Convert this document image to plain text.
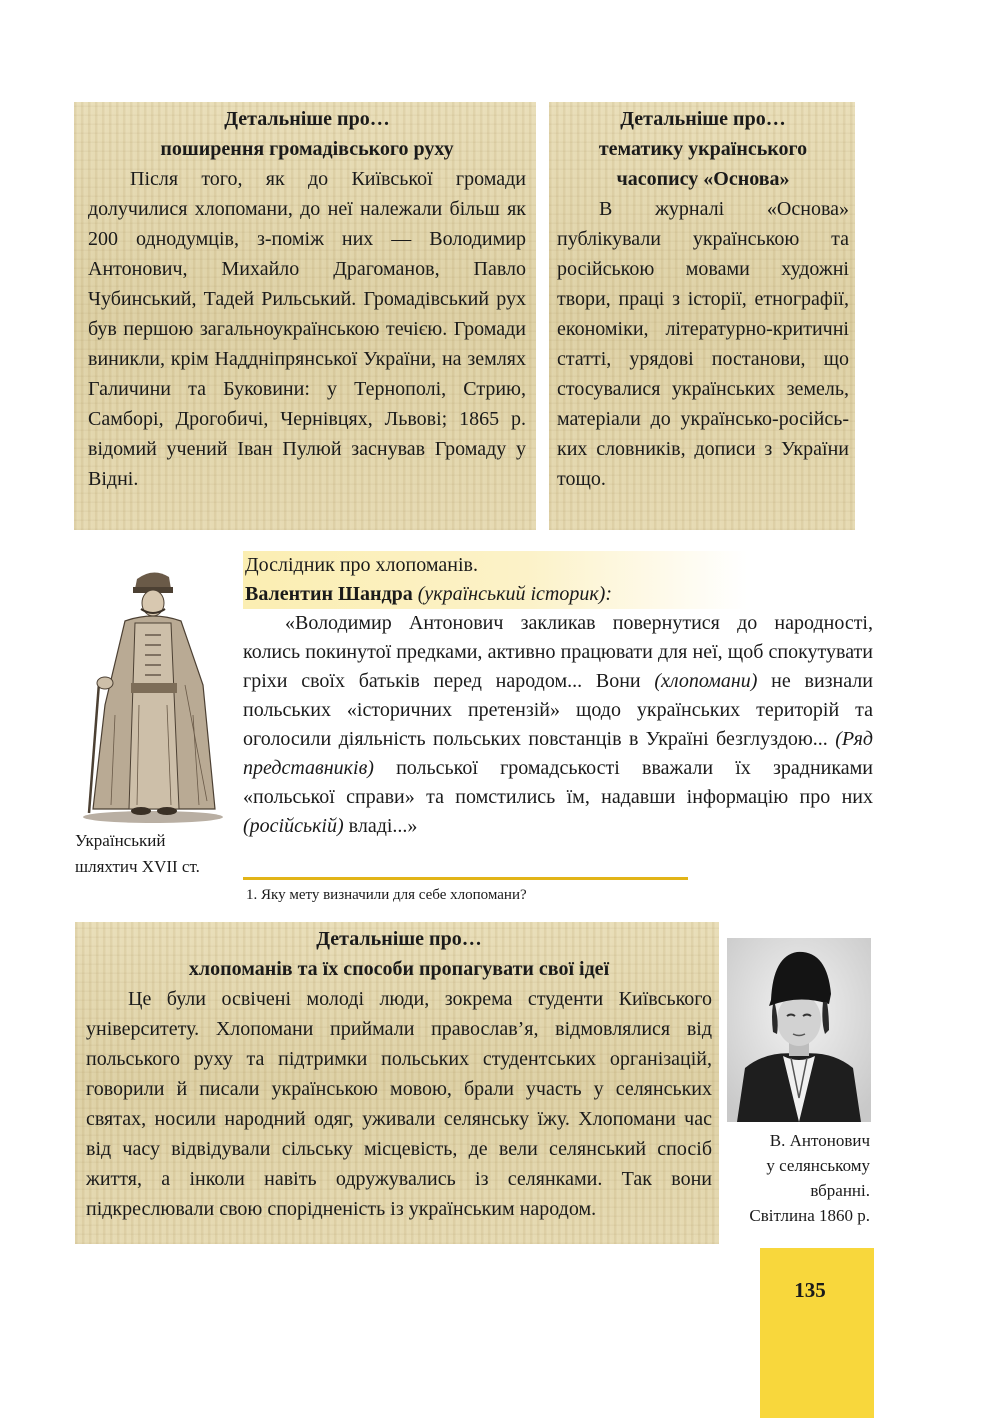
Детальніше про…

поширення громадівського руху

Після того, як до Київської громади долучилися хлопомани, до неї належали більш як 200 однодумців, з-поміж них — Володимир Антонович, Михайло Драгоманов, Павло Чубинський, Тадей Рильський. Громадівський рух був першою загальноукраїнською течією. Громади виникли, крім Наддніпрянської України, на землях Галичини та Буковини: у Тернополі, Стрию, Самборі, Дрогобичі, Чернівцях, Львові; 1865 р. відомий учений Іван Пулюй заснував Громаду у Відні.

Детальніше про…

тематику українського

часопису «Основа»

В журналі «Основа» публікували українською та російською мовами художні твори, праці з історії, етнографії, економіки, літературно-критичні статті, урядові постанови, що стосувалися українських земель, матеріали до українсько-російських словників, дописи з України тощо.

Український
шляхтич XVII ст.

Дослідник про хлопоманів.

Валентин Шандра (український історик):

«Володимир Антонович закликав повернутися до народності, колись покинутої предками, активно працювати для неї, щоб спокутувати гріхи своїх батьків перед народом... Вони (хлопомани) не визнали польських «історичних претензій» щодо українських територій та оголосили діяльність польських повстанців в Україні безглуздою... (Ряд представників) польської громадськості вважали їх зрадниками «польської справи» та помстились їм, надавши інформацію про них (російській) владі...»

1. Яку мету визначили для себе хлопомани?

Детальніше про…

хлопоманів та їх способи пропагувати свої ідеї

Це були освічені молоді люди, зокрема студенти Київського університету. Хлопомани приймали православ’я, відмовлялися від польського руху та підтримки польських студентських організацій, говорили й писали українською мовою, брали участь у селянських святах, носили народний одяг, уживали селянську їжу. Хлопомани час від часу відвідували сільську місцевість, де вели селянський спосіб життя, а інколи навіть одружувались із селянками. Так вони підкреслювали свою спорідненість із українським народом.

В. Антонович
у селянському
вбранні.
Світлина 1860 р.

135
